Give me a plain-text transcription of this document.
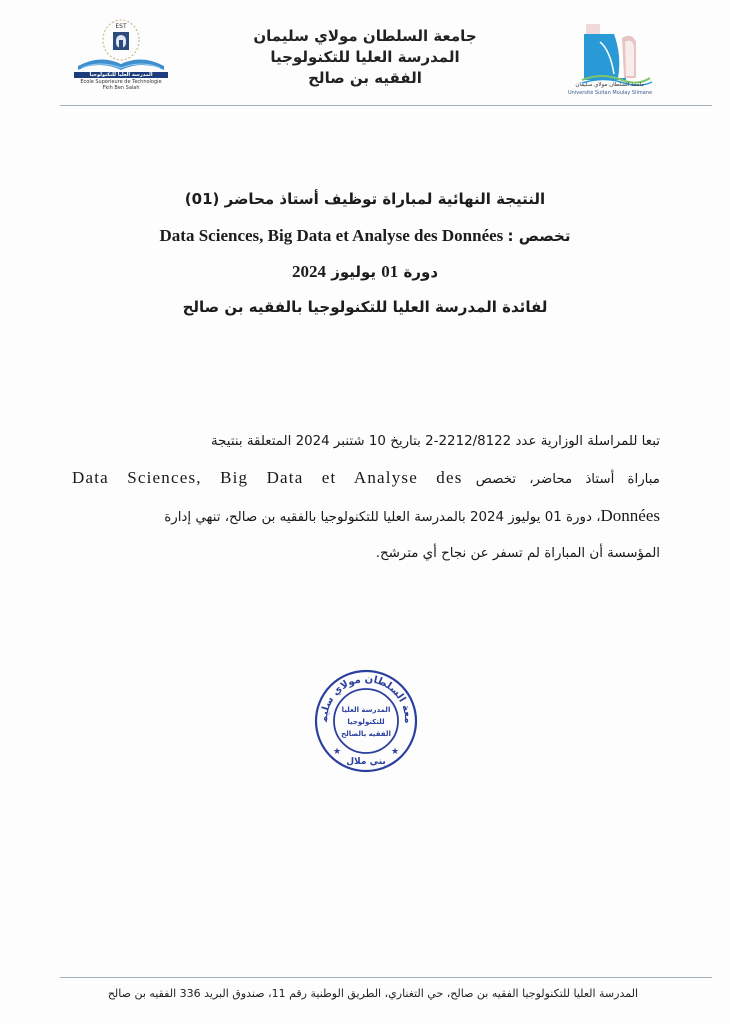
EST
المدرسة العليا للتكنولوجيا
Ecole Supérieure de Technologie
Fkih Ben Salah
جامعة السلطان مولاي سليمان
المدرسة العليا للتكنولوجيا
الفقيه بن صالح	جامعة السلطان مولاي سليمان
Université Sultan Moulay Slimane
النتيجة النهائية لمباراة توظيف أستاذ محاضر (01)
Data Sciences, Big Data et Analyse des Données تخصص :
دورة 01 يوليوز 2024
لفائدة المدرسة العليا للتكنولوجيا بالفقيه بن صالح
تبعا للمراسلة الوزارية عدد 2212/8122-2 بتاريخ 10 شتنبر 2024 المتعلقة بنتيجة
مباراة أستاذ محاضر، تخصص Data Sciences, Big Data et Analyse des
Données، دورة 01 يوليوز 2024 بالمدرسة العليا للتكنولوجيا بالفقيه بن صالح، تنهي إدارة
المؤسسة أن المباراة لم تسفر عن نجاح أي مترشح.
معة السلطان مولاي سليم
بني ملال
★	★
المدرسة العليا
للتكنولوجيا
الفقيه بالصالح
المدرسة العليا للتكنولوجيا الفقيه بن صالح، حي التغناري، الطريق الوطنية رقم 11، صندوق البريد 336 الفقيه بن صالح
